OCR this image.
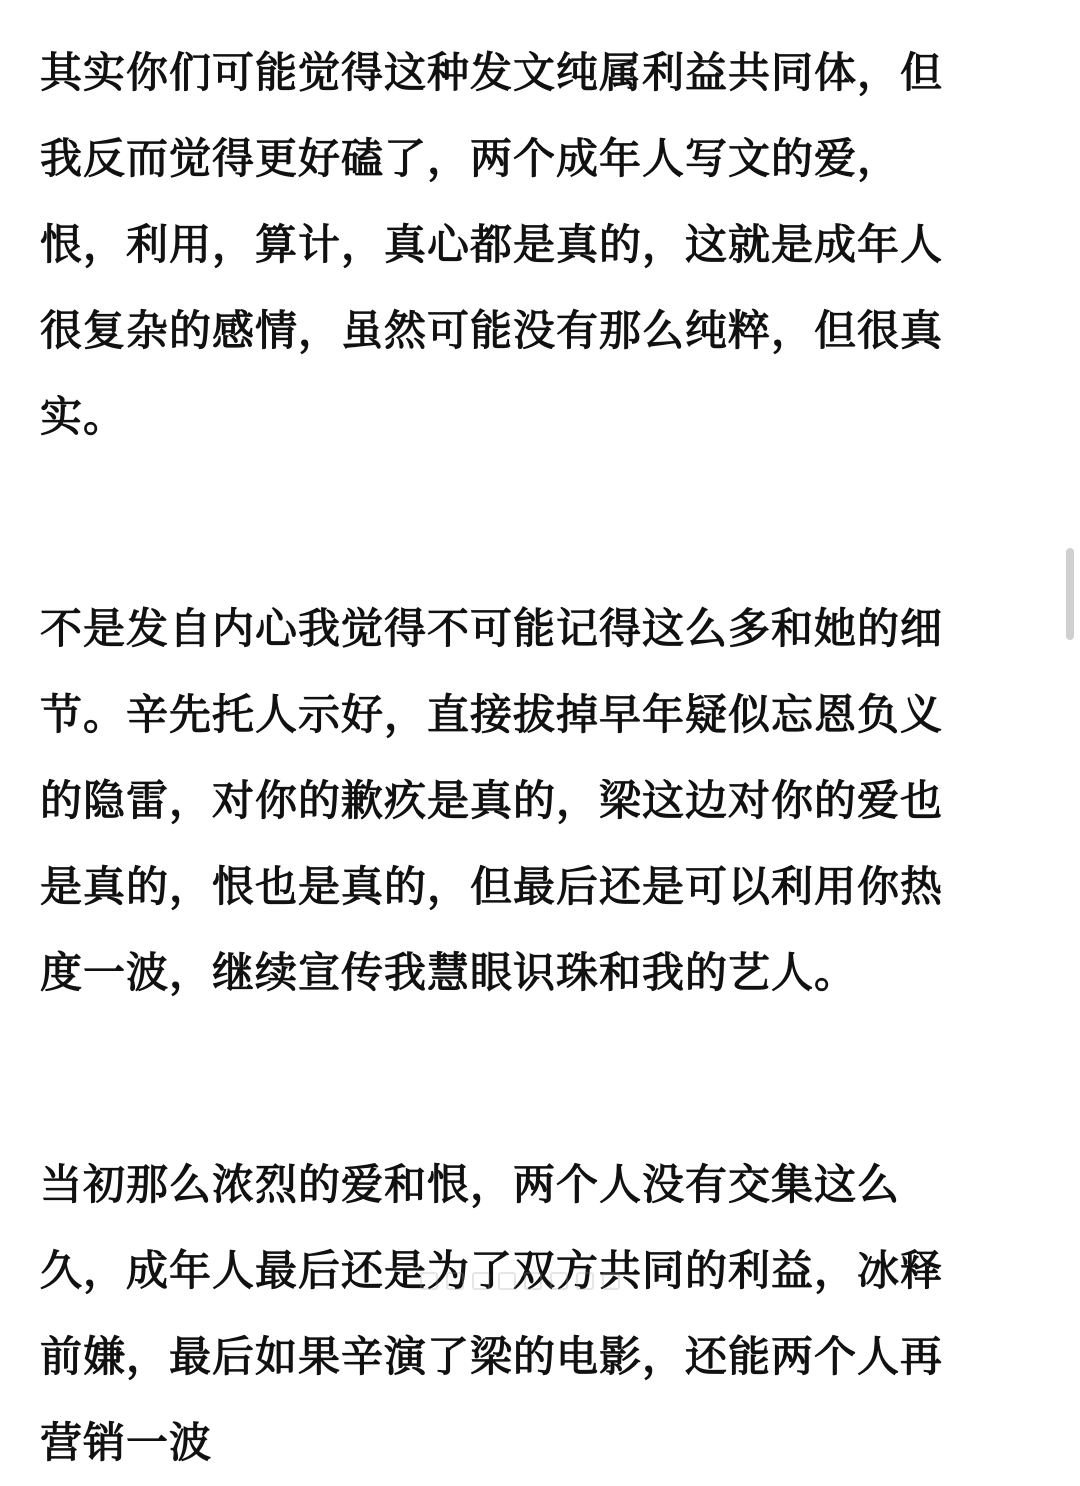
其实你们可能觉得这种发文纯属利益共同体，但
我反而觉得更好磕了，两个成年人写文的爱，
恨，利用，算计，真心都是真的，这就是成年人
很复杂的感情，虽然可能没有那么纯粹，但很真
实。
不是发自内心我觉得不可能记得这么多和她的细
节。辛先托人示好，直接拔掉早年疑似忘恩负义
的隐雷，对你的歉疚是真的，梁这边对你的爱也
是真的，恨也是真的，但最后还是可以利用你热
度一波，继续宣传我慧眼识珠和我的艺人。
当初那么浓烈的爱和恨，两个人没有交集这么
久，成年人最后还是为了双方共同的利益，冰释
前嫌，最后如果辛演了梁的电影，还能两个人再
营销一波
